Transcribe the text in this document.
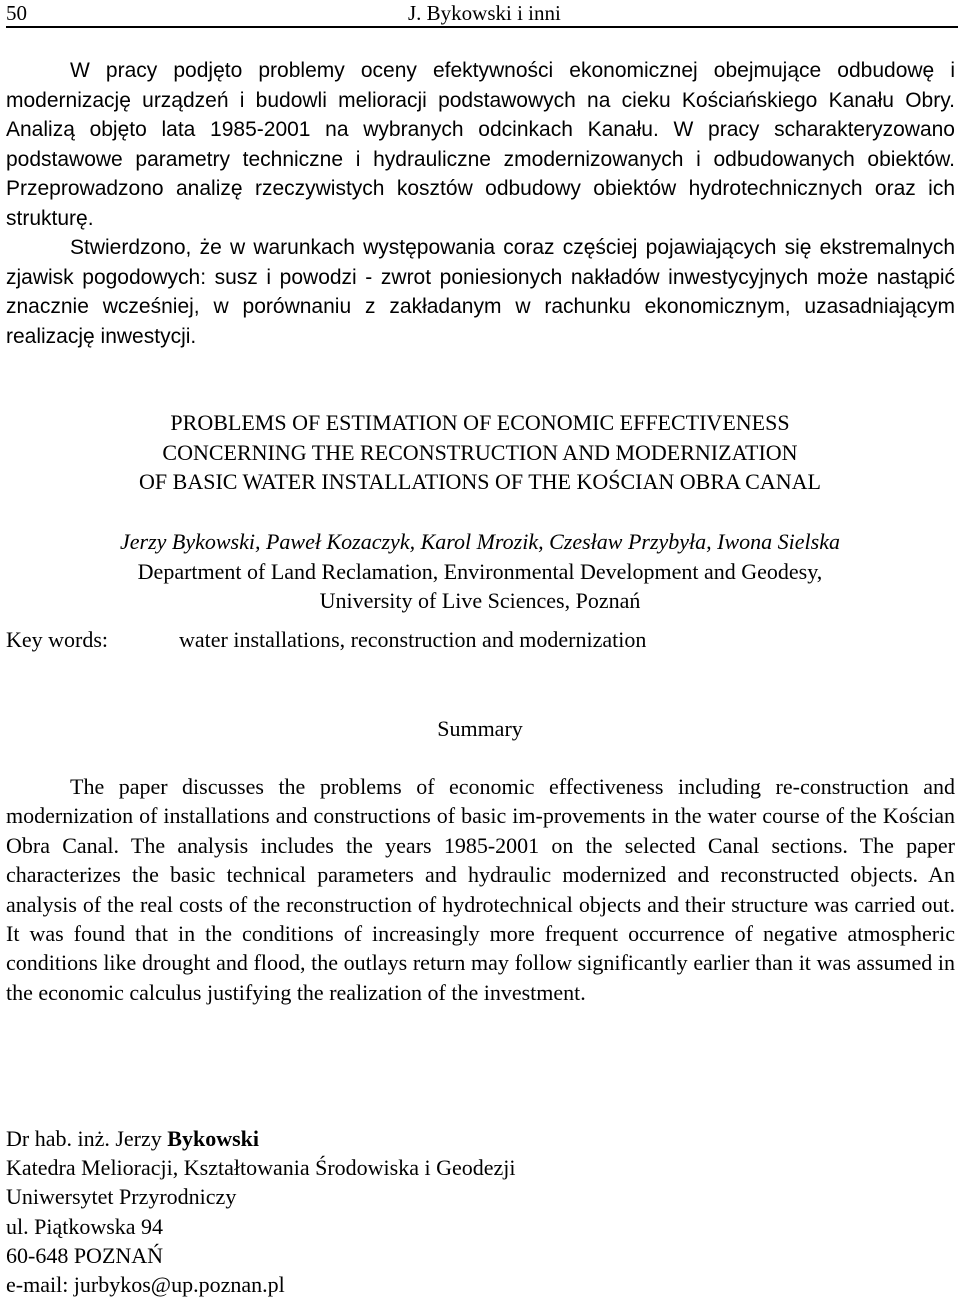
50	J. Bykowski i inni

W pracy podjęto problemy oceny efektywności ekonomicznej obejmujące odbudowę i modernizację urządzeń i budowli melioracji podstawowych na cieku Kościańskiego Kanału Obry. Analizą objęto lata 1985-2001 na wybranych odcinkach Kanału. W pracy scharakteryzowano podstawowe parametry techniczne i hydrauliczne zmodernizowanych i odbudowanych obiektów. Przeprowadzono analizę rzeczywistych kosztów odbudowy obiektów hydrotechnicznych oraz ich strukturę.

Stwierdzono, że w warunkach występowania coraz częściej pojawiających się ekstremalnych zjawisk pogodowych: susz i powodzi - zwrot poniesionych nakładów inwestycyjnych może nastąpić znacznie wcześniej, w porównaniu z zakładanym w rachunku ekonomicznym, uzasadniającym realizację inwestycji.

PROBLEMS OF ESTIMATION OF ECONOMIC EFFECTIVENESS
CONCERNING THE RECONSTRUCTION AND MODERNIZATION
OF BASIC WATER INSTALLATIONS OF THE KOŚCIAN OBRA CANAL
Jerzy Bykowski, Paweł Kozaczyk, Karol Mrozik, Czesław Przybyła, Iwona Sielska
Department of Land Reclamation, Environmental Development and Geodesy,
University of Live Sciences, Poznań
Key words:	water installations, reconstruction and modernization
Summary

The paper discusses the problems of economic effectiveness including re-construction and modernization of installations and constructions of basic im-provements in the water course of the Kościan Obra Canal. The analysis includes the years 1985-2001 on the selected Canal sections. The paper characterizes the basic technical parameters and hydraulic modernized and reconstructed objects. An analysis of the real costs of the reconstruction of hydrotechnical objects and their structure was carried out. It was found that in the conditions of increasingly more frequent occurrence of negative atmospheric conditions like drought and flood, the outlays return may follow significantly earlier than it was assumed in the economic calculus justifying the realization of the investment.

Dr hab. inż. Jerzy Bykowski
Katedra Melioracji, Kształtowania Środowiska i Geodezji
Uniwersytet Przyrodniczy
ul. Piątkowska 94
60-648 POZNAŃ
e-mail: jurbykos@up.poznan.pl
